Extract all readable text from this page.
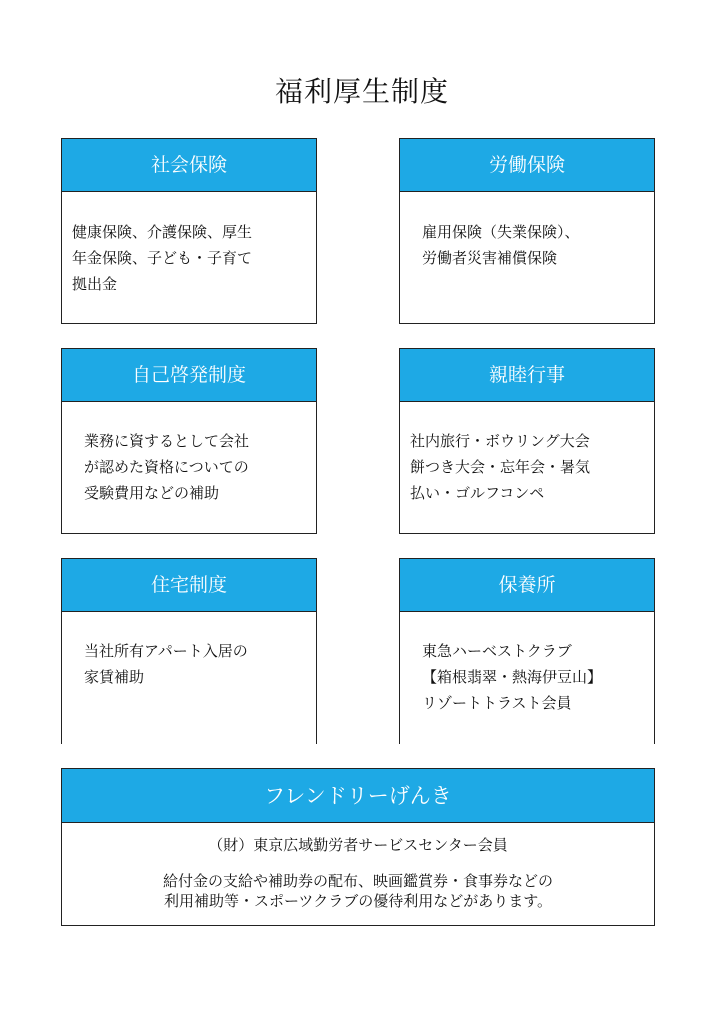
福利厚生制度
社会保険
健康保険、介護保険、厚生
年金保険、子ども・子育て
拠出金
労働保険
雇用保険（失業保険）、
労働者災害補償保険
自己啓発制度
業務に資するとして会社
が認めた資格についての
受験費用などの補助
親睦行事
社内旅行・ボウリング大会
餅つき大会・忘年会・暑気
払い・ゴルフコンペ
住宅制度
当社所有アパート入居の
家賃補助
保養所
東急ハーベストクラブ
【箱根翡翠・熱海伊豆山】
リゾートトラスト会員
フレンドリーげんき
（財）東京広域勤労者サービスセンター会員
給付金の支給や補助券の配布、映画鑑賞券・食事券などの
利用補助等・スポーツクラブの優待利用などがあります。
